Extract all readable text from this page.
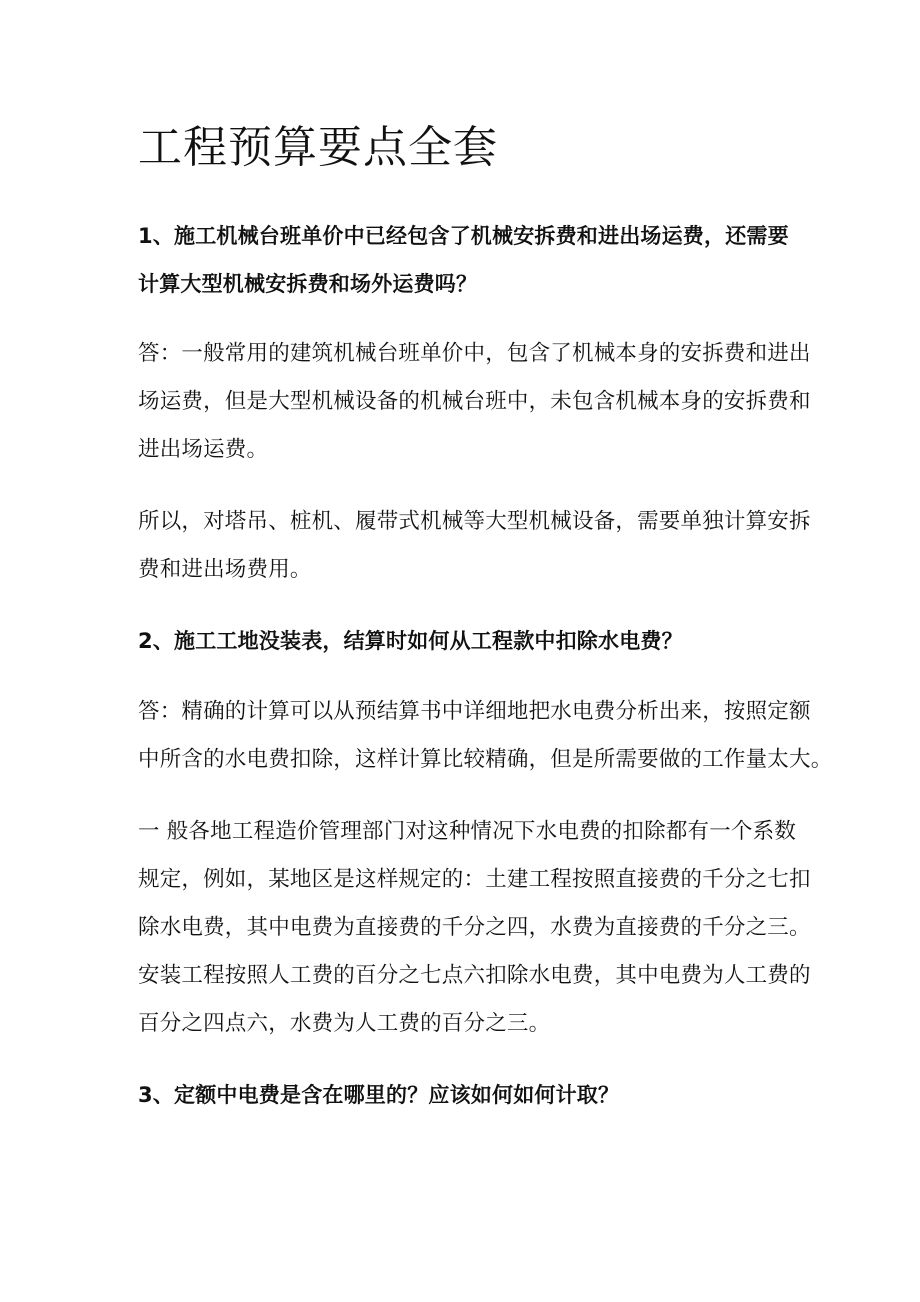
工程预算要点全套
1、施工机械台班单价中已经包含了机械安拆费和进出场运费，还需要
计算大型机械安拆费和场外运费吗？
答：一般常用的建筑机械台班单价中，包含了机械本身的安拆费和进出
场运费，但是大型机械设备的机械台班中，未包含机械本身的安拆费和
进出场运费。
所以，对塔吊、桩机、履带式机械等大型机械设备，需要单独计算安拆
费和进出场费用。
2、施工工地没装表，结算时如何从工程款中扣除水电费？
答：精确的计算可以从预结算书中详细地把水电费分析出来，按照定额
中所含的水电费扣除，这样计算比较精确，但是所需要做的工作量太大。
一 般各地工程造价管理部门对这种情况下水电费的扣除都有一个系数
规定，例如，某地区是这样规定的：土建工程按照直接费的千分之七扣
除水电费，其中电费为直接费的千分之四，水费为直接费的千分之三。
安装工程按照人工费的百分之七点六扣除水电费，其中电费为人工费的
百分之四点六，水费为人工费的百分之三。
3、定额中电费是含在哪里的？应该如何如何计取？
